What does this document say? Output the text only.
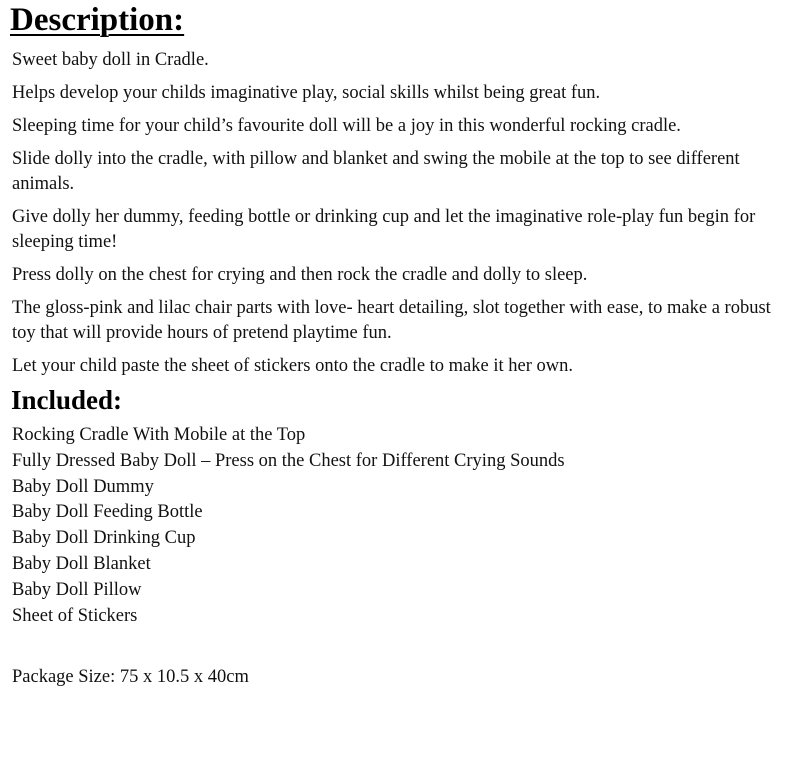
Description:

Sweet baby doll in Cradle.

Helps develop your childs imaginative play, social skills whilst being great fun.

Sleeping time for your child’s favourite doll will be a joy in this wonderful rocking cradle.

Slide dolly into the cradle, with pillow and blanket and swing the mobile at the top to see different animals.

Give dolly her dummy, feeding bottle or drinking cup and let the imaginative role-play fun begin for sleeping time!

Press dolly on the chest for crying and then rock the cradle and dolly to sleep.

The gloss-pink and lilac chair parts with love- heart detailing, slot together with ease, to make a robust toy that will provide hours of pretend playtime fun.

Let your child paste the sheet of stickers onto the cradle to make it her own.

Included:
Rocking Cradle With Mobile at the Top
Fully Dressed Baby Doll – Press on the Chest for Different Crying Sounds
Baby Doll Dummy
Baby Doll Feeding Bottle
Baby Doll Drinking Cup
Baby Doll Blanket
Baby Doll Pillow
Sheet of Stickers
Package Size: 75 x 10.5 x 40cm
